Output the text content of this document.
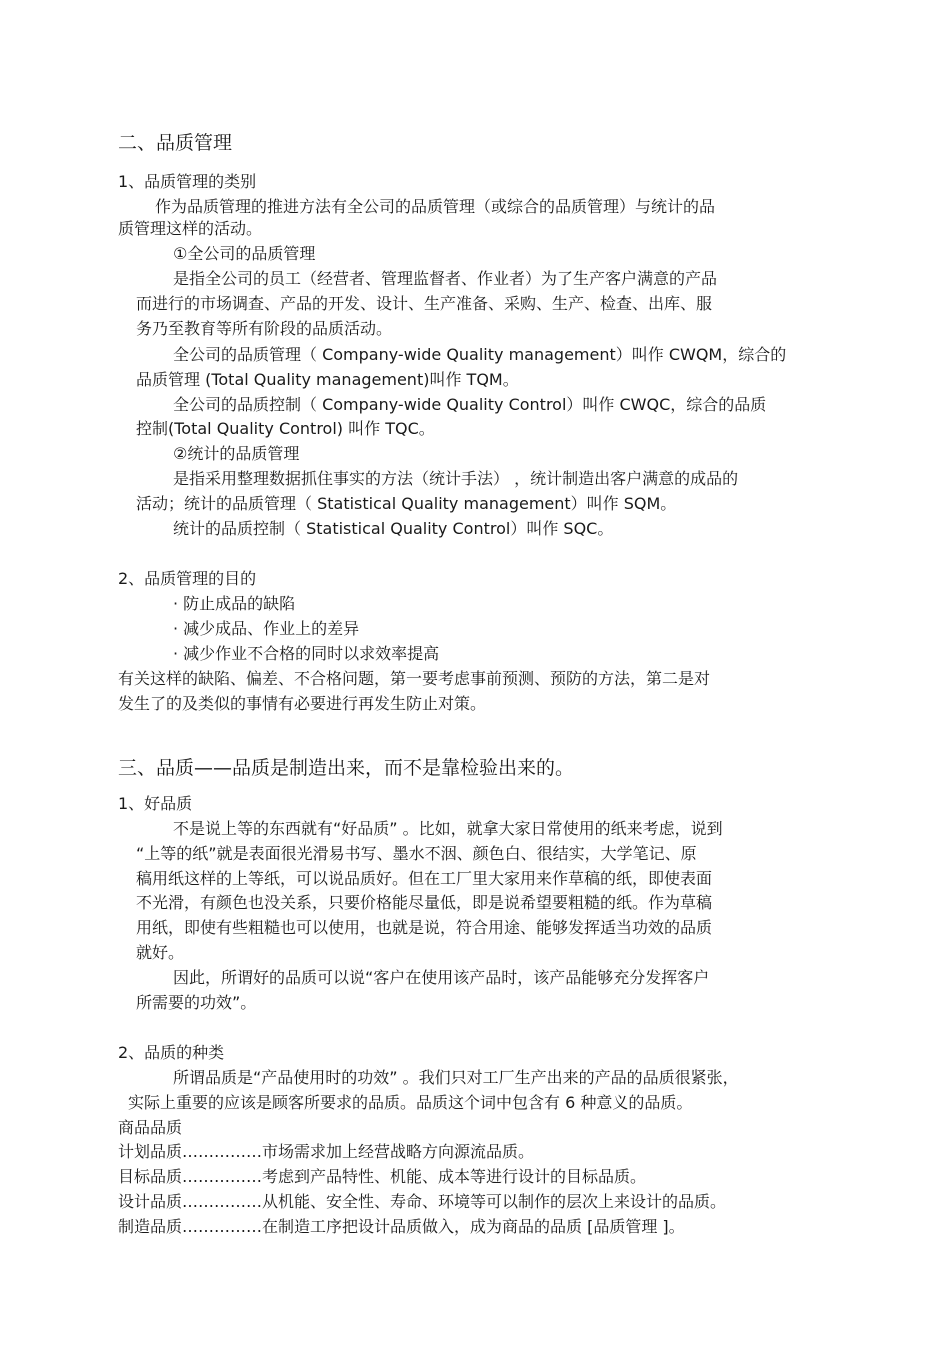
二、品质管理
1、品质管理的类别
作为品质管理的推进方法有全公司的品质管理（或综合的品质管理）与统计的品
质管理这样的活动。
①全公司的品质管理
是指全公司的员工（经营者、管理监督者、作业者）为了生产客户满意的产品
而进行的市场调查、产品的开发、设计、生产准备、采购、生产、检查、出库、服
务乃至教育等所有阶段的品质活动。
全公司的品质管理（ Company-wide Quality management）叫作 CWQM，综合的
品质管理 (Total Quality management)叫作 TQM。
全公司的品质控制（ Company-wide Quality Control）叫作 CWQC，综合的品质
控制(Total Quality Control) 叫作 TQC。
②统计的品质管理
是指采用整理数据抓住事实的方法（统计手法） ，统计制造出客户满意的成品的
活动；统计的品质管理（ Statistical Quality management）叫作 SQM。
统计的品质控制（ Statistical Quality Control）叫作 SQC。
2、品质管理的目的
· 防止成品的缺陷
· 减少成品、作业上的差异
· 减少作业不合格的同时以求效率提高
有关这样的缺陷、偏差、不合格问题，第一要考虑事前预测、预防的方法，第二是对
发生了的及类似的事情有必要进行再发生防止对策。
三、品质——品质是制造出来，而不是靠检验出来的。
1、好品质
不是说上等的东西就有“好品质” 。比如，就拿大家日常使用的纸来考虑，说到
“上等的纸”就是表面很光滑易书写、墨水不洇、颜色白、很结实，大学笔记、原
稿用纸这样的上等纸，可以说品质好。但在工厂里大家用来作草稿的纸，即使表面
不光滑，有颜色也没关系，只要价格能尽量低，即是说希望要粗糙的纸。作为草稿
用纸，即使有些粗糙也可以使用，也就是说，符合用途、能够发挥适当功效的品质
就好。
因此，所谓好的品质可以说“客户在使用该产品时，该产品能够充分发挥客户
所需要的功效”。
2、品质的种类
所谓品质是“产品使用时的功效” 。我们只对工厂生产出来的产品的品质很紧张，
实际上重要的应该是顾客所要求的品质。品质这个词中包含有 6 种意义的品质。
商品品质
计划品质……………市场需求加上经营战略方向源流品质。
目标品质……………考虑到产品特性、机能、成本等进行设计的目标品质。
设计品质……………从机能、安全性、寿命、环境等可以制作的层次上来设计的品质。
制造品质……………在制造工序把设计品质做入，成为商品的品质 [品质管理 ]。
